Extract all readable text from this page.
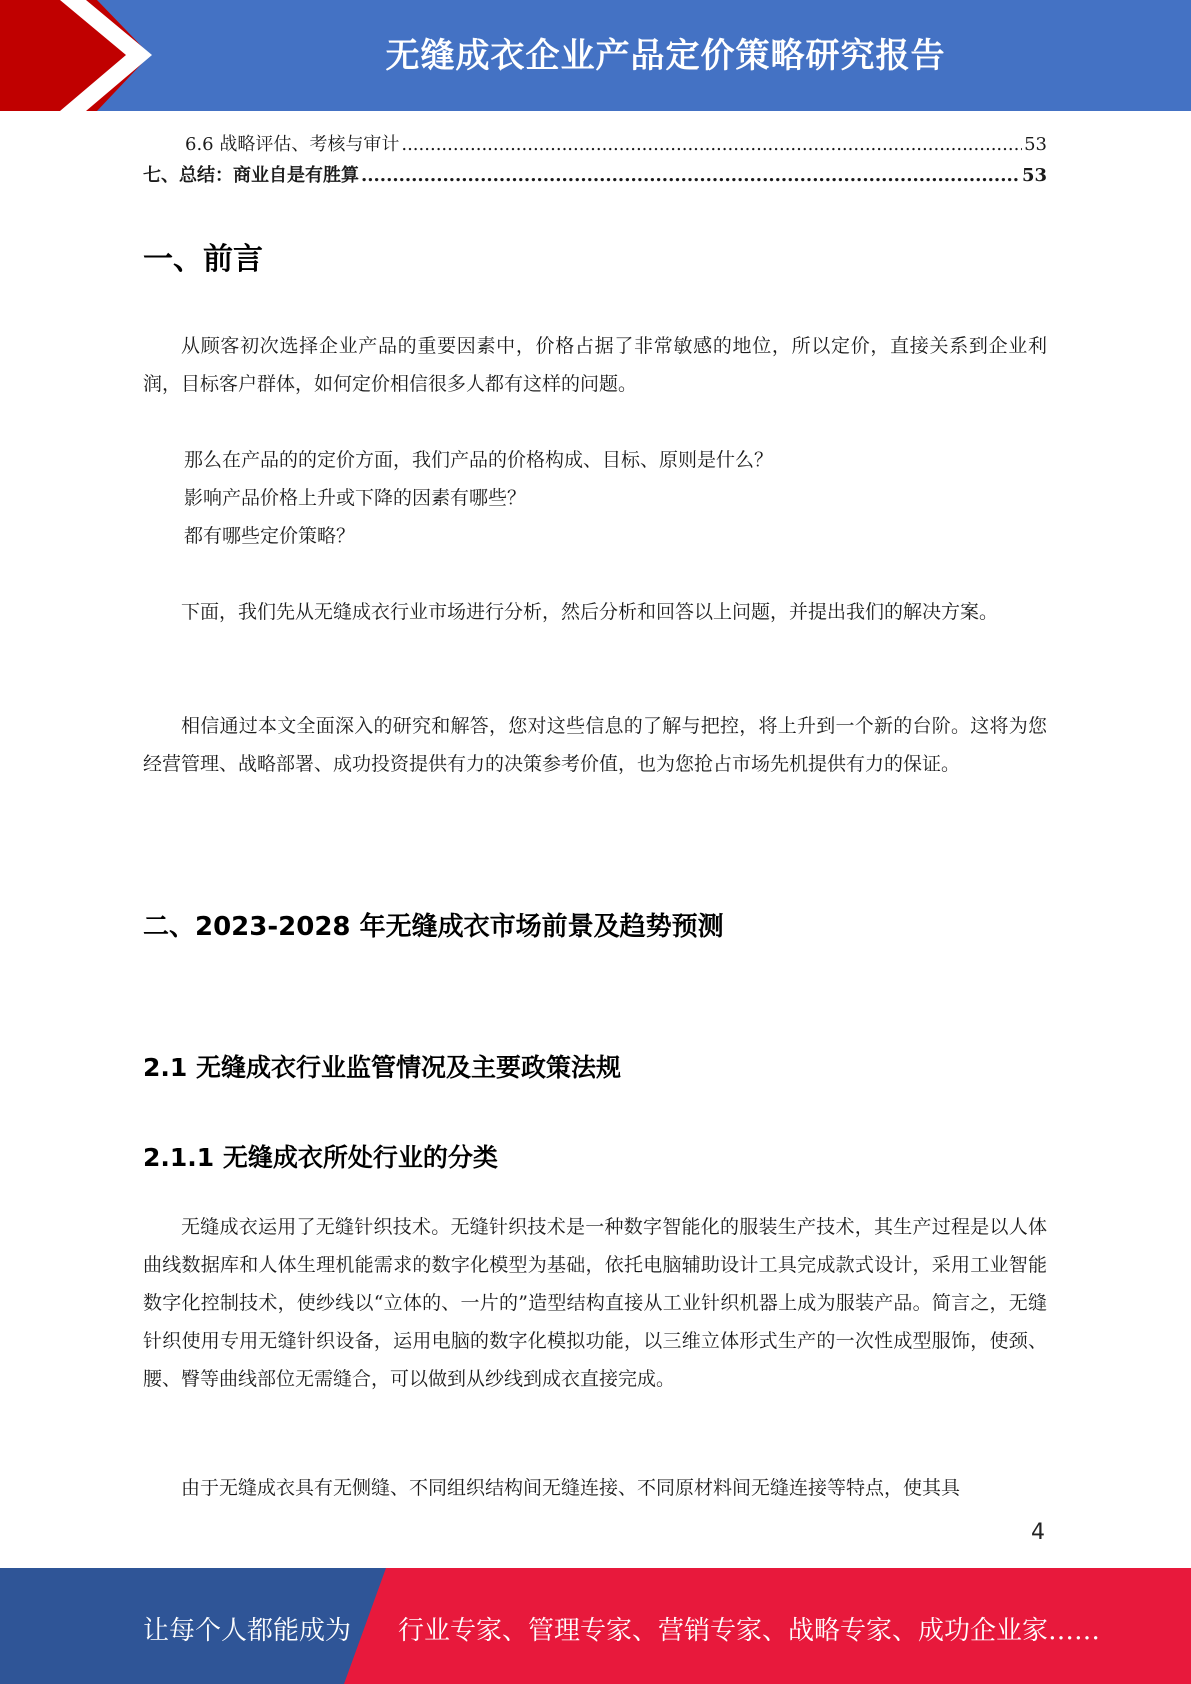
无缝成衣企业产品定价策略研究报告
6.6 战略评估、考核与审计 .....	53
七、总结：商业自是有胜算 .....	53
一、前言

从顾客初次选择企业产品的重要因素中，价格占据了非常敏感的地位，所以定价，直接关系到企业利润，目标客户群体，如何定价相信很多人都有这样的问题。

那么在产品的的定价方面，我们产品的价格构成、目标、原则是什么？
影响产品价格上升或下降的因素有哪些？
都有哪些定价策略？

下面，我们先从无缝成衣行业市场进行分析，然后分析和回答以上问题，并提出我们的解决方案。

相信通过本文全面深入的研究和解答，您对这些信息的了解与把控，将上升到一个新的台阶。这将为您经营管理、战略部署、成功投资提供有力的决策参考价值，也为您抢占市场先机提供有力的保证。

二、2023-2028 年无缝成衣市场前景及趋势预测
2.1 无缝成衣行业监管情况及主要政策法规
2.1.1 无缝成衣所处行业的分类

无缝成衣运用了无缝针织技术。无缝针织技术是一种数字智能化的服装生产技术，其生产过程是以人体曲线数据库和人体生理机能需求的数字化模型为基础，依托电脑辅助设计工具完成款式设计，采用工业智能数字化控制技术，使纱线以“立体的、一片的”造型结构直接从工业针织机器上成为服装产品。简言之，无缝针织使用专用无缝针织设备，运用电脑的数字化模拟功能，以三维立体形式生产的一次性成型服饰，使颈、腰、臀等曲线部位无需缝合，可以做到从纱线到成衣直接完成。

由于无缝成衣具有无侧缝、不同组织结构间无缝连接、不同原材料间无缝连接等特点，使其具

4
让每个人都能成为 行业专家、管理专家、营销专家、战略专家、成功企业家……
